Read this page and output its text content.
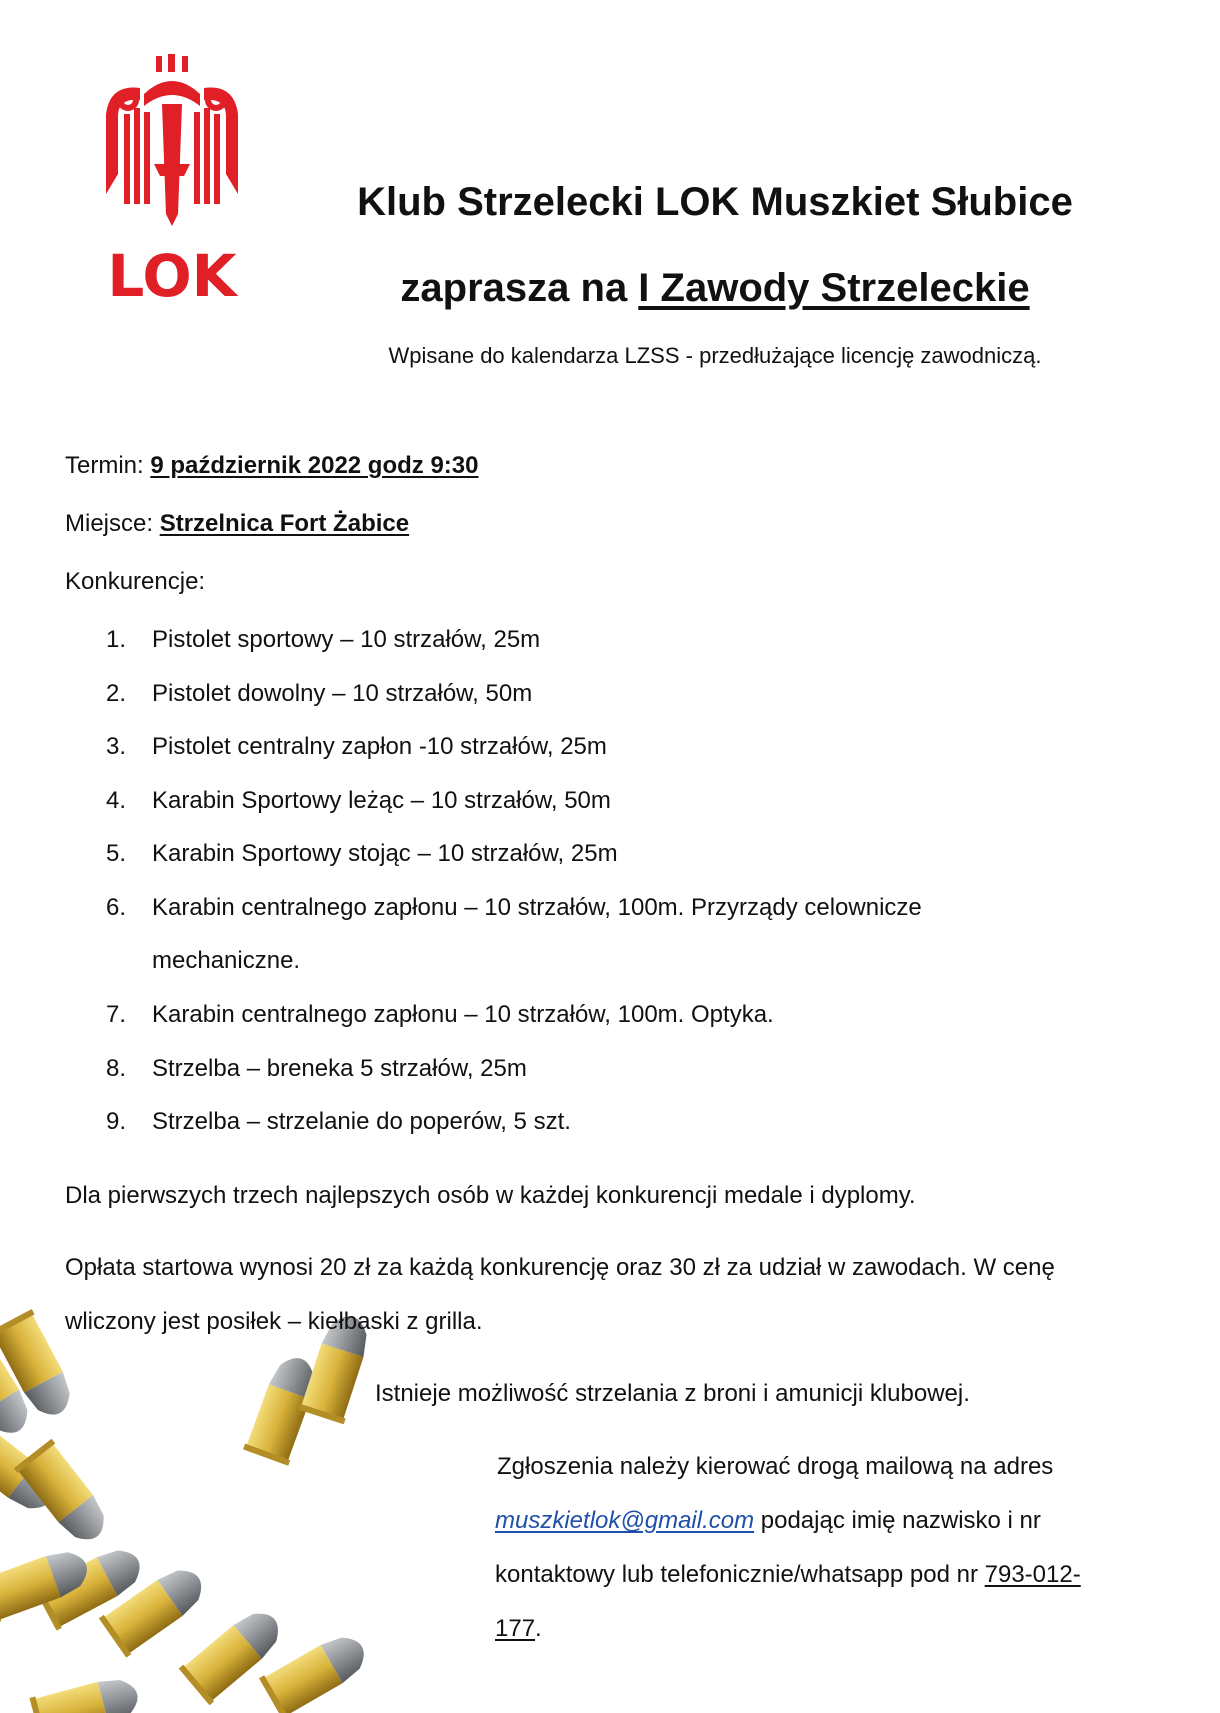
LOK

Klub Strzelecki LOK Muszkiet Słubice

zaprasza na I Zawody Strzeleckie

Wpisane do kalendarza LZSS - przedłużające licencję zawodniczą.
Termin: 9 październik 2022 godz 9:30
Miejsce: Strzelnica Fort Żabice
Konkurencje:
1.	Pistolet sportowy – 10 strzałów, 25m
2.	Pistolet dowolny – 10 strzałów, 50m
3.	Pistolet centralny zapłon -10 strzałów, 25m
4.	Karabin Sportowy leżąc – 10 strzałów, 50m
5.	Karabin Sportowy stojąc – 10 strzałów, 25m
6.	Karabin centralnego zapłonu – 10 strzałów, 100m. Przyrządy celownicze
mechaniczne.
7.	Karabin centralnego zapłonu – 10 strzałów, 100m. Optyka.
8.	Strzelba – breneka 5 strzałów, 25m
9.	Strzelba – strzelanie do poperów, 5 szt.
Dla pierwszych trzech najlepszych osób w każdej konkurencji medale i dyplomy.
Opłata startowa wynosi 20 zł za każdą konkurencję oraz 30 zł za udział w zawodach. W cenę
wliczony jest posiłek – kiełbaski z grilla.
Istnieje możliwość strzelania z broni i amunicji klubowej.
Zgłoszenia należy kierować drogą mailową na adres
muszkietlok@gmail.com podając imię nazwisko i nr
kontaktowy lub telefonicznie/whatsapp pod nr 793-012-
177.
